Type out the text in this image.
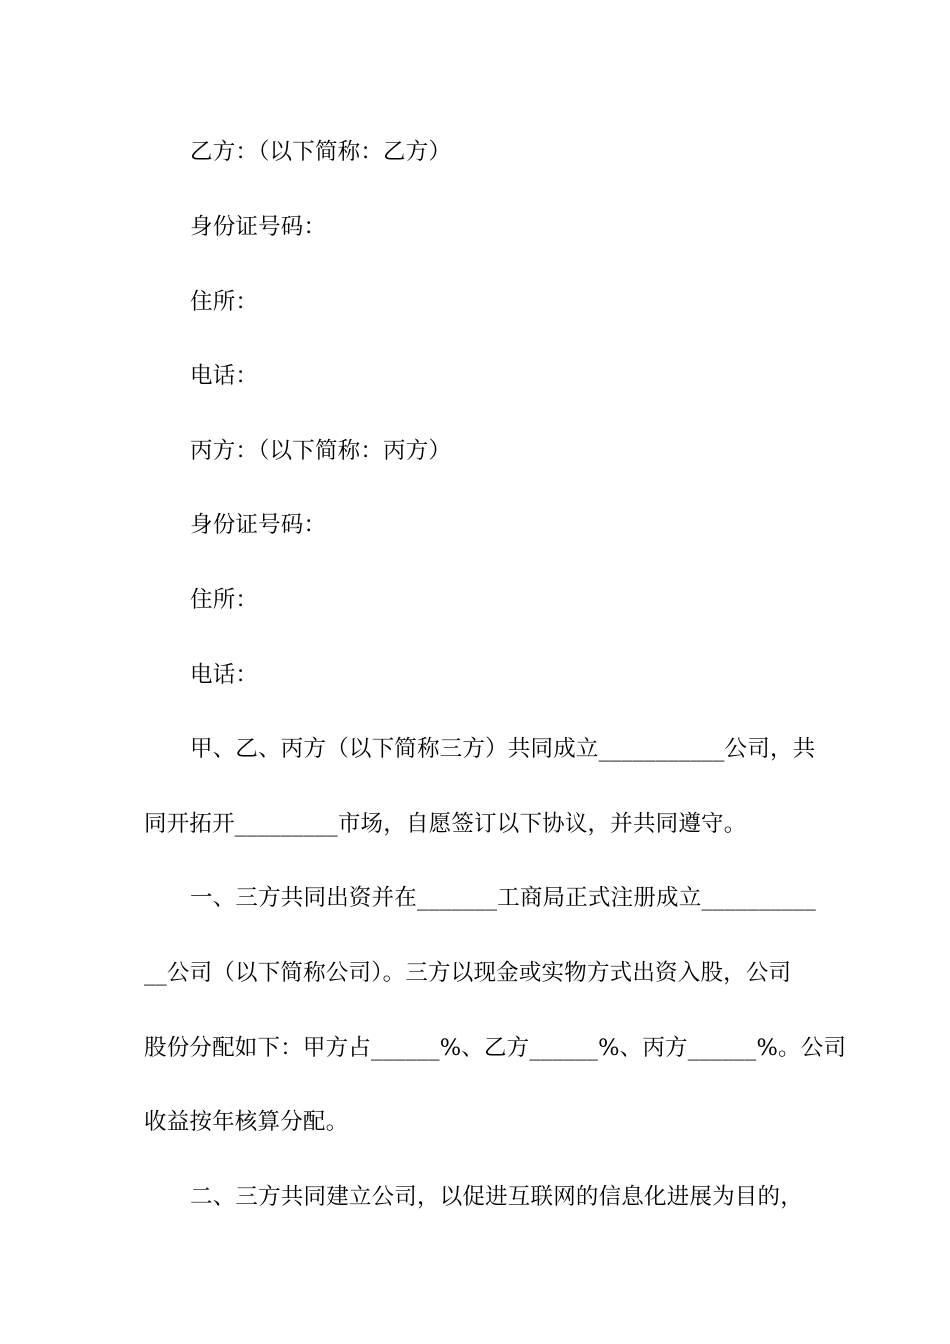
乙方：（以下简称：乙方）
身份证号码：
住所：
电话：
丙方：（以下简称：丙方）
身份证号码：
住所：
电话：
甲、乙、丙方（以下简称三方）共同成立___________公司，共
同开拓开_________市场，自愿签订以下协议，并共同遵守。
一、三方共同出资并在_______工商局正式注册成立__________
__公司（以下简称公司）。三方以现金或实物方式出资入股，公司
股份分配如下：甲方占______%、乙方______%、丙方______%。公司
收益按年核算分配。
二、三方共同建立公司，以促进互联网的信息化进展为目的，
